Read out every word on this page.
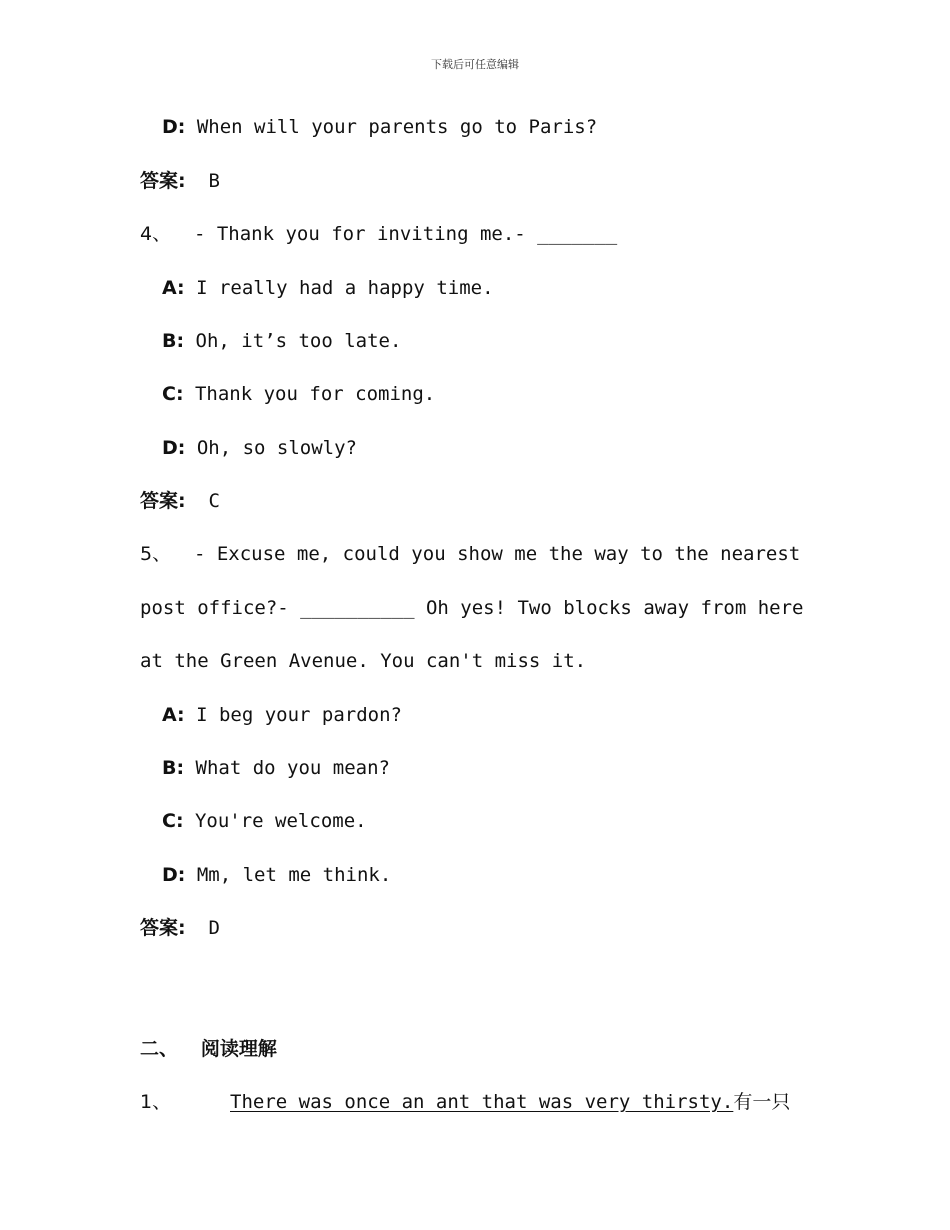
下载后可任意编辑
D: When will your parents go to Paris?
答案: B
4、  - Thank you for inviting me.- _______
A: I really had a happy time.
B: Oh, it’s too late.
C: Thank you for coming.
D: Oh, so slowly?
答案: C
5、  - Excuse me, could you show me the way to the nearest
post office?- __________ Oh yes! Two blocks away from here
at the Green Avenue. You can't miss it.
A: I beg your pardon?
B: What do you mean?
C: You're welcome.
D: Mm, let me think.
答案: D
二、 阅读理解
1、	There was once an ant that was very thirsty.有一只
